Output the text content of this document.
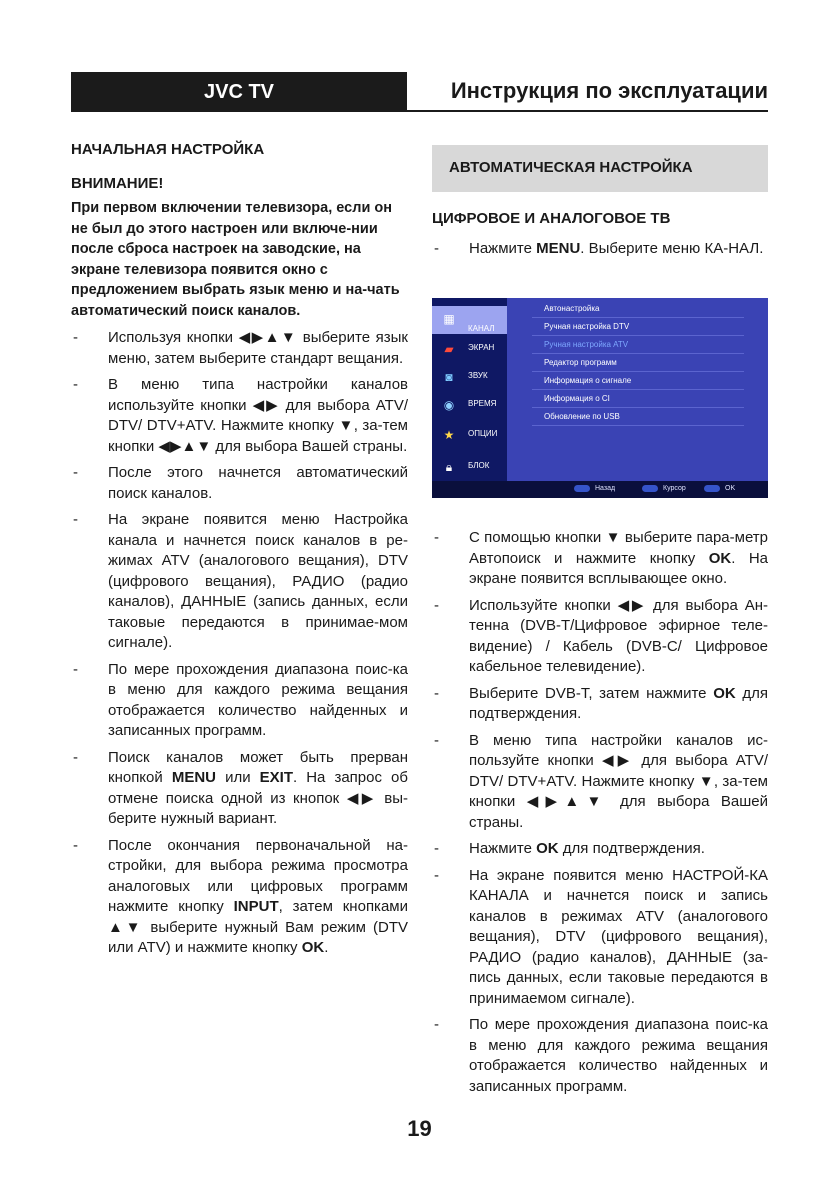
JVC TV	Инструкция по эксплуатации
НАЧАЛЬНАЯ НАСТРОЙКА
ВНИМАНИЕ!
При первом включении телевизора, если он не был до этого настроен или включе-нии после сброса настроек на заводские, на экране телевизора появится окно с предложением выбрать язык меню и на-чать автоматический поиск каналов.
-	Используя кнопки ◀▶▲▼ выберите язык меню, затем выберите стандарт вещания.
-	В меню типа настройки каналов используйте кнопки ◀▶ для выбора ATV/ DTV/ DTV+ATV. Нажмите кнопку ▼, за-тем кнопки ◀▶▲▼ для выбора Вашей страны.
-	После этого начнется автоматический поиск каналов.
-	На экране появится меню Настройка канала и начнется поиск каналов в ре-жимах ATV (аналогового вещания), DTV (цифрового вещания), РАДИО (радио каналов), ДАННЫЕ (запись данных, если таковые передаются в принимае-мом сигнале).
-	По мере прохождения диапазона поис-ка в меню для каждого режима вещания отображается количество найденных и записанных программ.
-	Поиск каналов может быть прерван кнопкой MENU или EXIT. На запрос об отмене поиска одной из кнопок ◀▶ вы-берите нужный вариант.
-	После окончания первоначальной на-стройки, для выбора режима просмотра аналоговых или цифровых программ нажмите кнопку INPUT, затем кнопками ▲▼ выберите нужный Вам режим (DTV или ATV) и нажмите кнопку OK.
АВТОМАТИЧЕСКАЯ НАСТРОЙКА
ЦИФРОВОЕ И АНАЛОГОВОЕ ТВ
-	Нажмите MENU. Выберите меню КА-НАЛ.
▦
КАНАЛ
▰ ЭКРАН
◙	ЗВУК
◉ ВРЕМЯ
★ ОПЦИИ
🔒︎	БЛОК
Автонастройка
Ручная настройка DTV
Ручная настройка ATV
Редактор программ
Информация о сигнале
Информация о CI
Обновление по USB
Назад	Курсор	OK
-	С помощью кнопки ▼ выберите пара-метр Автопоиск и нажмите кнопку OK. На экране появится всплывающее окно.
-	Используйте кнопки ◀▶ для выбора Ан-тенна (DVB-T/Цифровое эфирное теле-видение) / Кабель (DVB-C/ Цифровое кабельное телевидение).
-	Выберите DVB-T, затем нажмите OK для подтверждения.
-	В меню типа настройки каналов ис-пользуйте кнопки ◀▶ для выбора ATV/ DTV/ DTV+ATV. Нажмите кнопку ▼, за-тем кнопки ◀▶▲▼ для выбора Вашей страны.
-	Нажмите OK для подтверждения.
-	На экране появится меню НАСТРОЙ-КА КАНАЛА и начнется поиск и запись каналов в режимах ATV (аналогового вещания), DTV (цифрового вещания), РАДИО (радио каналов), ДАННЫЕ (за-пись данных, если таковые передаются в принимаемом сигнале).
-	По мере прохождения диапазона поис-ка в меню для каждого режима вещания отображается количество найденных и записанных программ.
19
